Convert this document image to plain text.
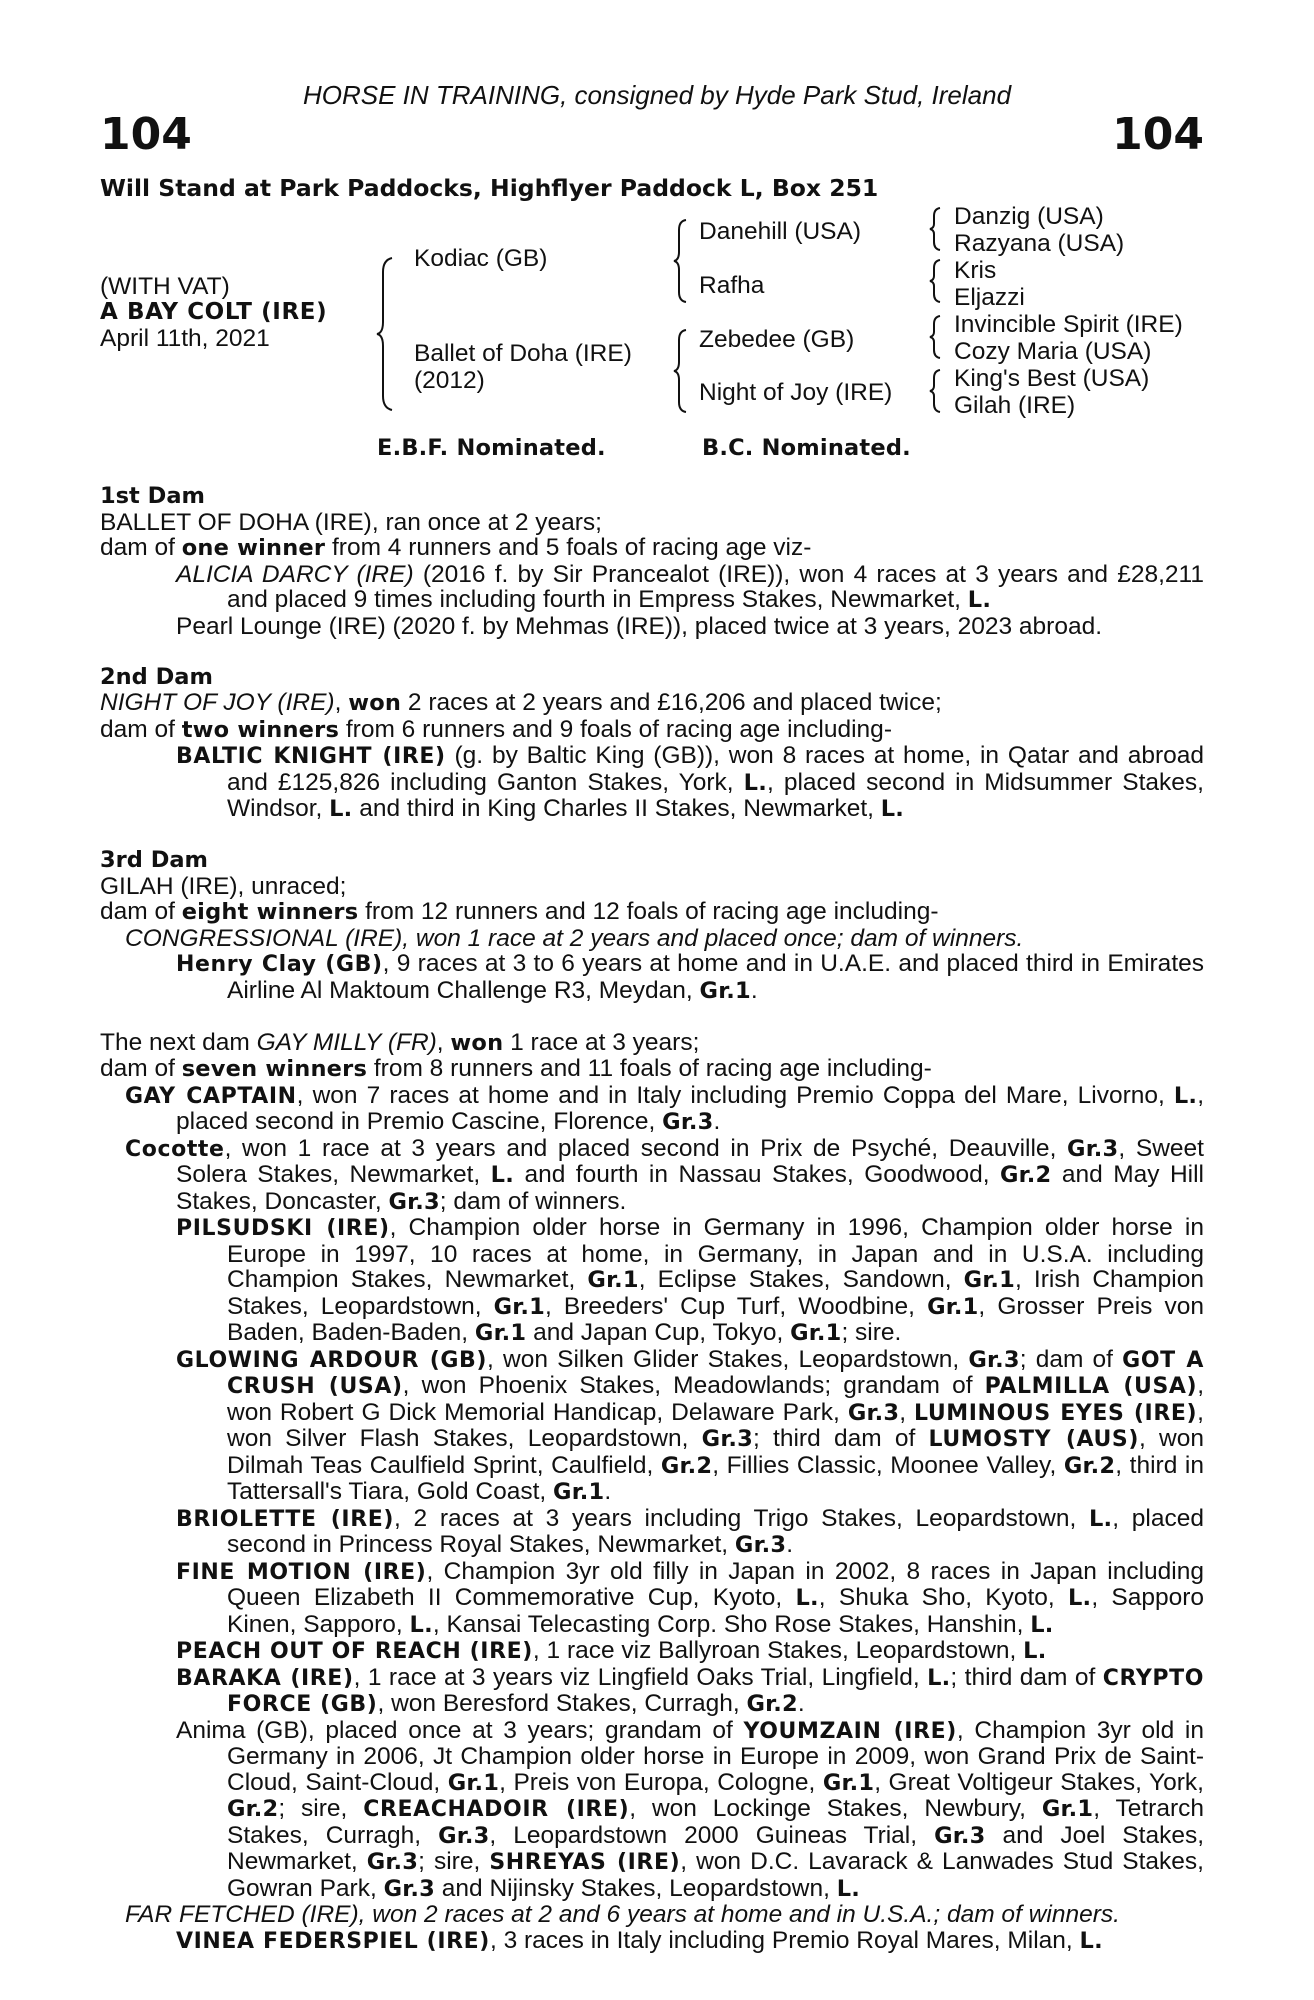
HORSE IN TRAINING, consigned by Hyde Park Stud, Ireland
104	104
Will Stand at Park Paddocks, Highflyer Paddock L, Box 251
(WITH VAT)
A BAY COLT (IRE)
April 11th, 2021
Kodiac (GB)
Ballet of Doha (IRE)
(2012)
Danehill (USA)
Rafha
Zebedee (GB)
Night of Joy (IRE)
Danzig (USA)
Razyana (USA)
Kris
Eljazzi
Invincible Spirit (IRE)
Cozy Maria (USA)
King's Best (USA)
Gilah (IRE)
E.B.F. Nominated.	B.C. Nominated.
1st Dam
BALLET OF DOHA (IRE), ran once at 2 years;
dam of one winner from 4 runners and 5 foals of racing age viz-
ALICIA DARCY (IRE) (2016 f. by Sir Prancealot (IRE)), won 4 races at 3 years and £28,211 and placed 9 times including fourth in Empress Stakes, Newmarket, L.
Pearl Lounge (IRE) (2020 f. by Mehmas (IRE)), placed twice at 3 years, 2023 abroad.
2nd Dam
NIGHT OF JOY (IRE), won 2 races at 2 years and £16,206 and placed twice;
dam of two winners from 6 runners and 9 foals of racing age including-
BALTIC KNIGHT (IRE) (g. by Baltic King (GB)), won 8 races at home, in Qatar and abroad and £125,826 including Ganton Stakes, York, L., placed second in Midsummer Stakes, Windsor, L. and third in King Charles II Stakes, Newmarket, L.
3rd Dam
GILAH (IRE), unraced;
dam of eight winners from 12 runners and 12 foals of racing age including-
CONGRESSIONAL (IRE), won 1 race at 2 years and placed once; dam of winners.
Henry Clay (GB), 9 races at 3 to 6 years at home and in U.A.E. and placed third in Emirates Airline Al Maktoum Challenge R3, Meydan, Gr.1.
The next dam GAY MILLY (FR), won 1 race at 3 years;
dam of seven winners from 8 runners and 11 foals of racing age including-
GAY CAPTAIN, won 7 races at home and in Italy including Premio Coppa del Mare, Livorno, L., placed second in Premio Cascine, Florence, Gr.3.
Cocotte, won 1 race at 3 years and placed second in Prix de Psyché, Deauville, Gr.3, Sweet Solera Stakes, Newmarket, L. and fourth in Nassau Stakes, Goodwood, Gr.2 and May Hill Stakes, Doncaster, Gr.3; dam of winners.
PILSUDSKI (IRE), Champion older horse in Germany in 1996, Champion older horse in Europe in 1997, 10 races at home, in Germany, in Japan and in U.S.A. including Champion Stakes, Newmarket, Gr.1, Eclipse Stakes, Sandown, Gr.1, Irish Champion Stakes, Leopardstown, Gr.1, Breeders' Cup Turf, Woodbine, Gr.1, Grosser Preis von Baden, Baden-Baden, Gr.1 and Japan Cup, Tokyo, Gr.1; sire.
GLOWING ARDOUR (GB), won Silken Glider Stakes, Leopardstown, Gr.3; dam of GOT A CRUSH (USA), won Phoenix Stakes, Meadowlands; grandam of PALMILLA (USA), won Robert G Dick Memorial Handicap, Delaware Park, Gr.3, LUMINOUS EYES (IRE), won Silver Flash Stakes, Leopardstown, Gr.3; third dam of LUMOSTY (AUS), won Dilmah Teas Caulfield Sprint, Caulfield, Gr.2, Fillies Classic, Moonee Valley, Gr.2, third in Tattersall's Tiara, Gold Coast, Gr.1.
BRIOLETTE (IRE), 2 races at 3 years including Trigo Stakes, Leopardstown, L., placed second in Princess Royal Stakes, Newmarket, Gr.3.
FINE MOTION (IRE), Champion 3yr old filly in Japan in 2002, 8 races in Japan including Queen Elizabeth II Commemorative Cup, Kyoto, L., Shuka Sho, Kyoto, L., Sapporo Kinen, Sapporo, L., Kansai Telecasting Corp. Sho Rose Stakes, Hanshin, L.
PEACH OUT OF REACH (IRE), 1 race viz Ballyroan Stakes, Leopardstown, L.
BARAKA (IRE), 1 race at 3 years viz Lingfield Oaks Trial, Lingfield, L.; third dam of CRYPTO FORCE (GB), won Beresford Stakes, Curragh, Gr.2.
Anima (GB), placed once at 3 years; grandam of YOUMZAIN (IRE), Champion 3yr old in Germany in 2006, Jt Champion older horse in Europe in 2009, won Grand Prix de Saint-Cloud, Saint-Cloud, Gr.1, Preis von Europa, Cologne, Gr.1, Great Voltigeur Stakes, York, Gr.2; sire, CREACHADOIR (IRE), won Lockinge Stakes, Newbury, Gr.1, Tetrarch Stakes, Curragh, Gr.3, Leopardstown 2000 Guineas Trial, Gr.3 and Joel Stakes, Newmarket, Gr.3; sire, SHREYAS (IRE), won D.C. Lavarack & Lanwades Stud Stakes, Gowran Park, Gr.3 and Nijinsky Stakes, Leopardstown, L.
FAR FETCHED (IRE), won 2 races at 2 and 6 years at home and in U.S.A.; dam of winners.
VINEA FEDERSPIEL (IRE), 3 races in Italy including Premio Royal Mares, Milan, L.
